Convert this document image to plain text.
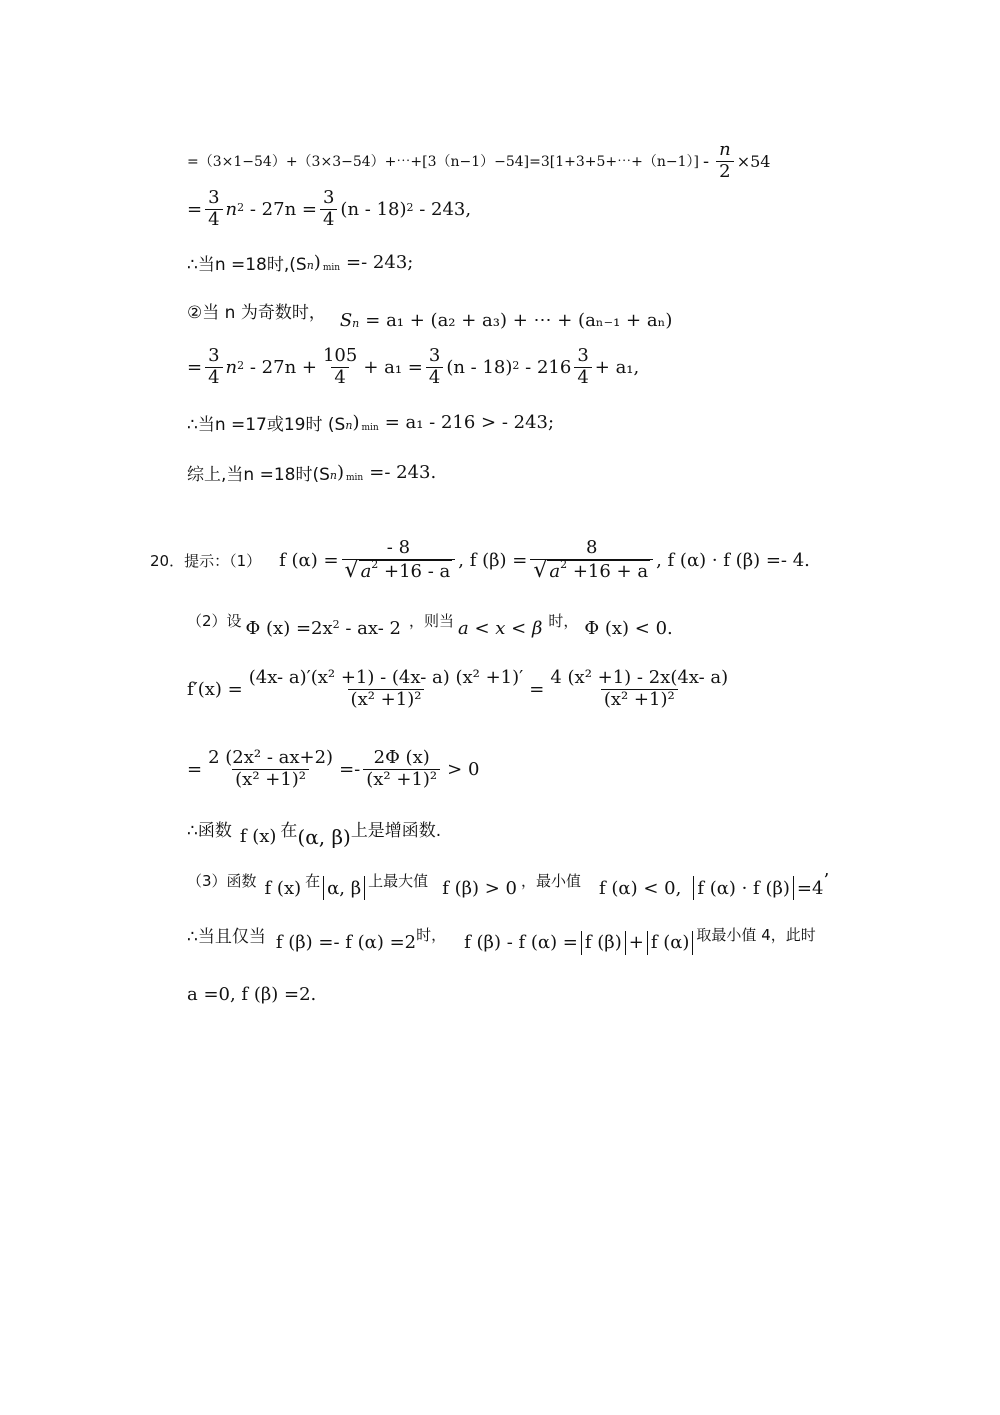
=（3×1−54）+（3×3−54）+⋯+[3（n−1）−54]=3[1+3+5+⋯+（n−1）] - $\frac{n}{2} \times 54$
= $\frac{3}{4}$ n $2 - 27n = \frac{3}{4} (n - 18)$ 2 - 243,
∴当n =18时,(S n ) min =- 243;
②当 n 为奇数时， S n = a₁ + (a₂ + a₃) + ⋯ + (aₙ₋₁ + aₙ)
= $\frac{3}{4}$ n $2 - 27n + \frac{105}{4} + a_1 = \frac{3}{4} (n - 18)$ $2 - 216 \frac{3}{4} + a_1$,
∴当n =17或19时 (S n ) min = a₁ - 216 > - 243;
综上,当n =18时(S n ) min =- 243.
20．提示：（1） f $(\alpha) = \frac{- 8}{√ a^2 +16 - a}$ , f $(\beta) = \frac{8}{√ a^2 +16 + a}$ , f (α) · f (β) =- 4.
（2）设 Φ (x) =2x 2 - ax- 2 ，则当 a < x < β 时， Φ (x) < 0.
$f'(x) = \frac{\text{(4x- a)′(x² +1) - (4x- a) (x² +1)′}}{\text{(x² +1)²}} = \frac{\text{4 (x² +1) - 2x(4x- a)}}{\text{(x² +1)²}}$
= $\frac{\text{2 (2x² - ax+2)}}{\text{(x² +1)²}} =- \frac{2\Phi (x)}{\text{(x² +1)²}} > 0$
∴函数 f (x) 在 (α, β) 上是增函数.
（3）函数 f (x) 在 α, β 上最大值 f (β) > 0 ，最小值 f (α) < 0, f (α) · f (β) =4 ’
∴当且仅当 f (β) =- f (α) =2 时， f (β) - f (α) = f (β) + f (α) 取最小值 4，此时
a =0, f (β) =2.
